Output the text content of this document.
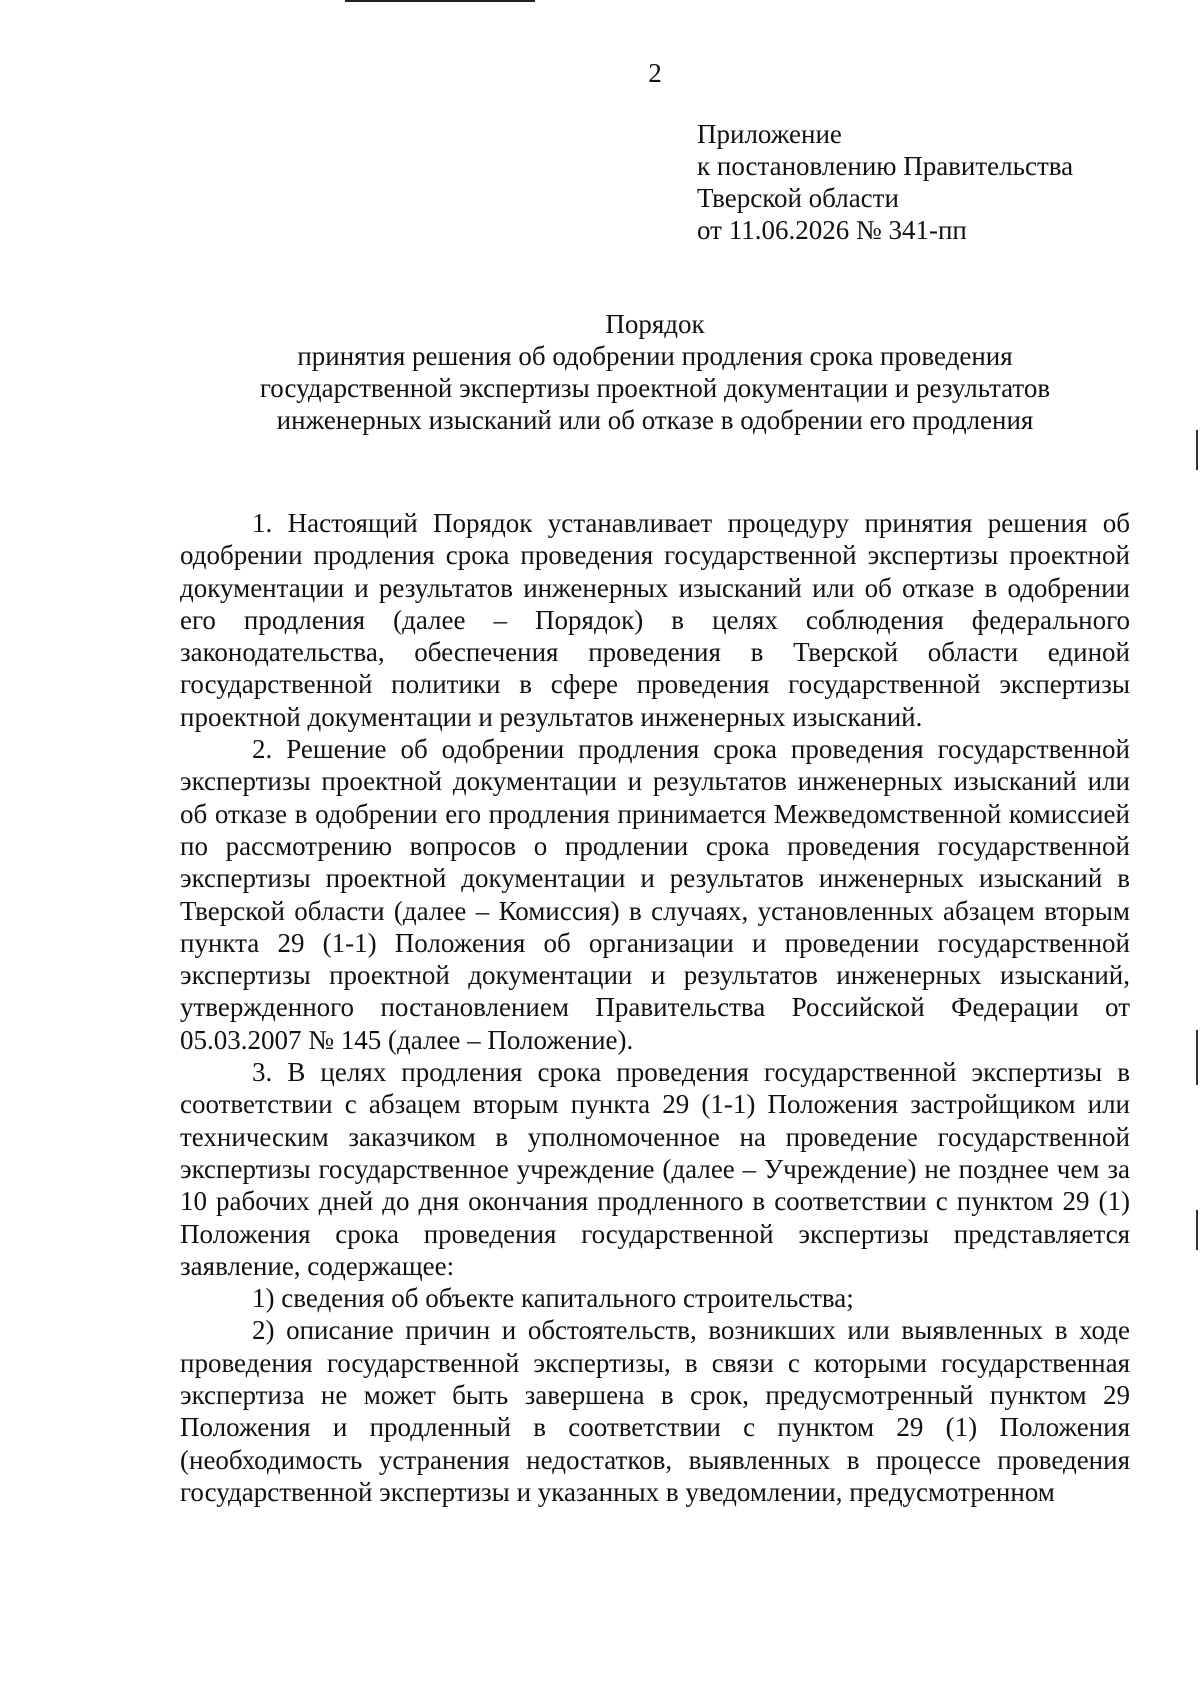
2
Приложение
к постановлению Правительства
Тверской области
от 11.06.2026 № 341-пп
Порядок
принятия решения об одобрении продления срока проведения
государственной экспертизы проектной документации и результатов
инженерных изысканий или об отказе в одобрении его продления

1. Настоящий Порядок устанавливает процедуру принятия решения об одобрении продления срока проведения государственной экспертизы проектной документации и результатов инженерных изысканий или об отказе в одобрении его продления (далее – Порядок) в целях соблюдения федерального законодательства, обеспечения проведения в Тверской области единой государственной политики в сфере проведения государственной экспертизы проектной документации и результатов инженерных изысканий.

2. Решение об одобрении продления срока проведения государственной экспертизы проектной документации и результатов инженерных изысканий или об отказе в одобрении его продления принимается Межведомственной комиссией по рассмотрению вопросов о продлении срока проведения государственной экспертизы проектной документации и результатов инженерных изысканий в Тверской области (далее – Комиссия) в случаях, установленных абзацем вторым пункта 29 (1-1) Положения об организации и проведении государственной экспертизы проектной документации и результатов инженерных изысканий, утвержденного постановлением Правительства Российской Федерации от 05.03.2007 № 145 (далее – Положение).

3. В целях продления срока проведения государственной экспертизы в соответствии с абзацем вторым пункта 29 (1-1) Положения застройщиком или техническим заказчиком в уполномоченное на проведение государственной экспертизы государственное учреждение (далее – Учреждение) не позднее чем за 10 рабочих дней до дня окончания продленного в соответствии с пунктом 29 (1) Положения срока проведения государственной экспертизы представляется заявление, содержащее:

1) сведения об объекте капитального строительства;

2) описание причин и обстоятельств, возникших или выявленных в ходе проведения государственной экспертизы, в связи с которыми государственная экспертиза не может быть завершена в срок, предусмотренный пунктом 29 Положения и продленный в соответствии с пунктом 29 (1) Положения (необходимость устранения недостатков, выявленных в процессе проведения государственной экспертизы и указанных в уведомлении, предусмотренном
